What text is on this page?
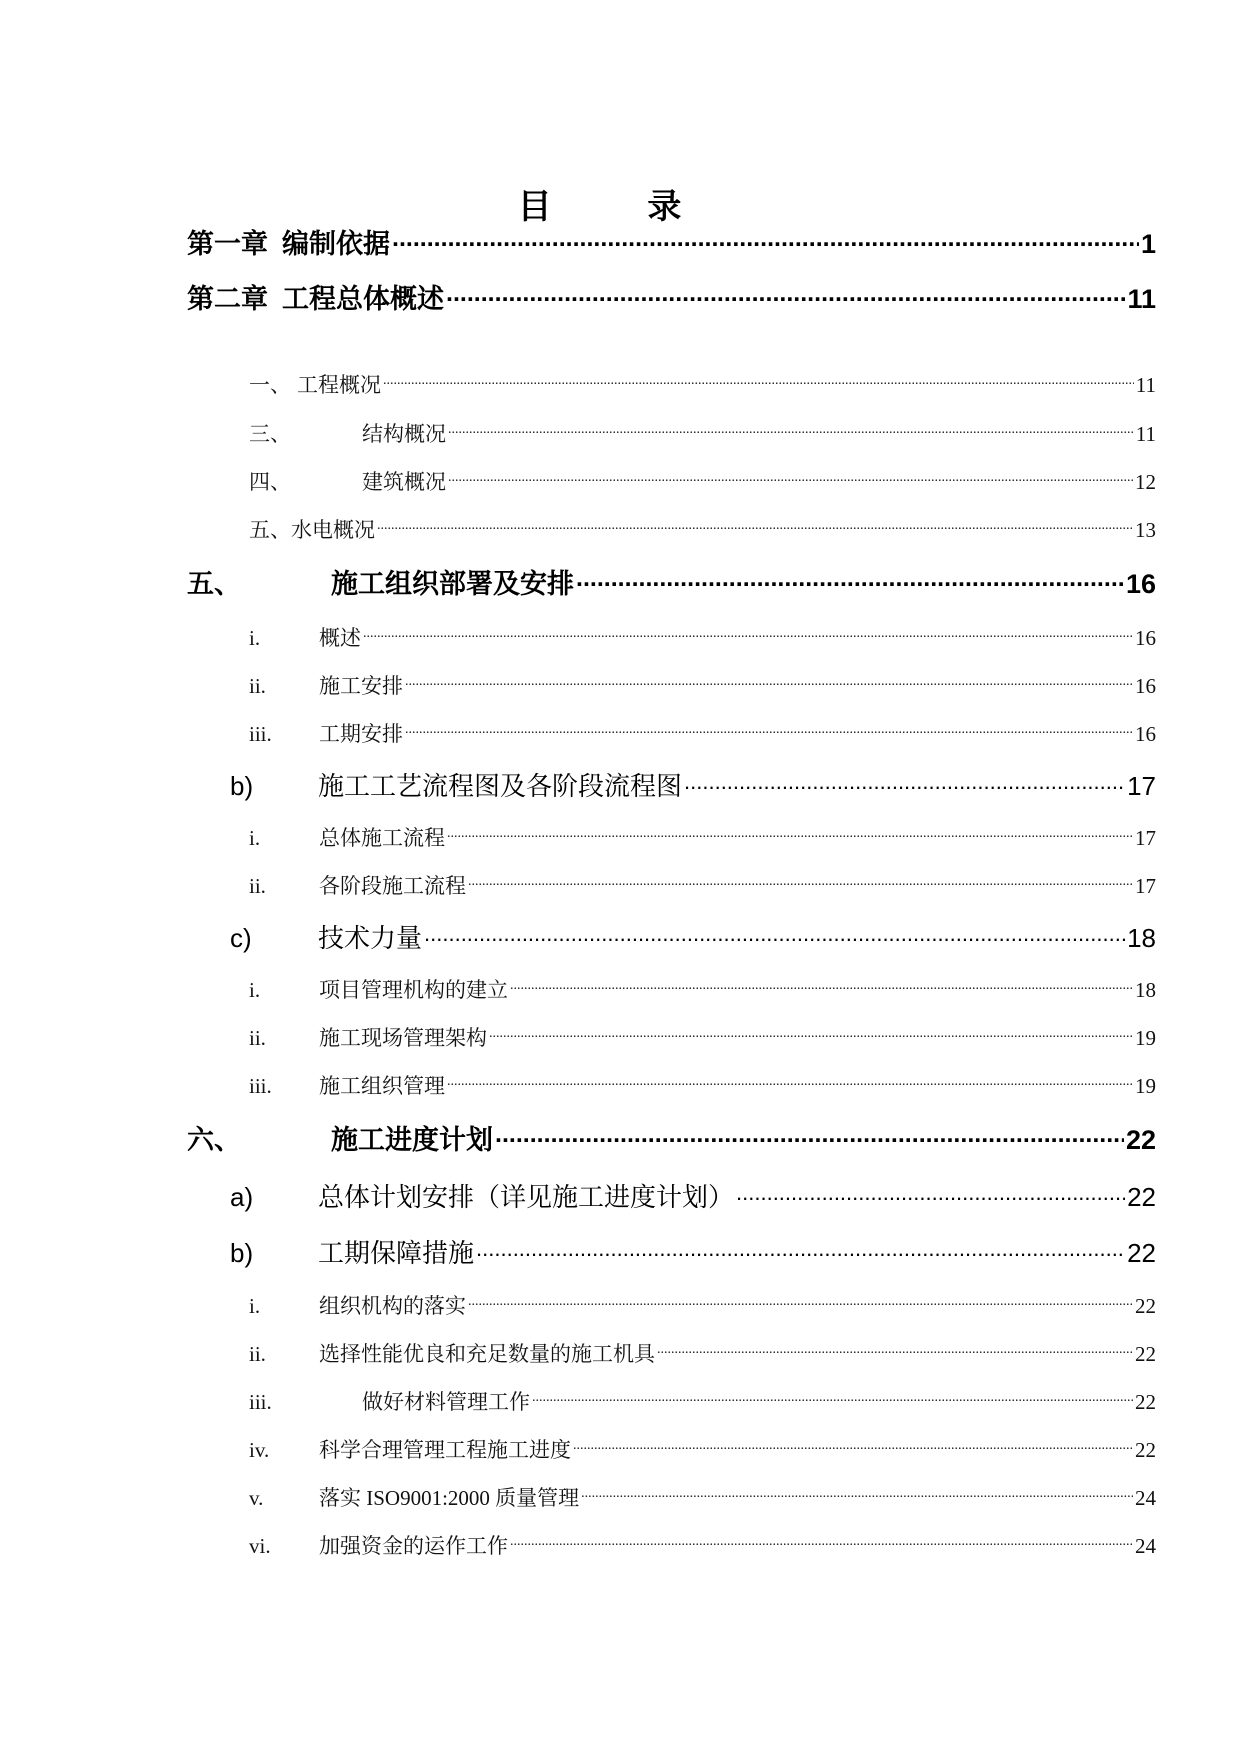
目 录
第一章 编制依据 .....	1
第二章 工程总体概述 .....	11
一、 工程概况 .....	11
三、	结构概况 .....	11
四、	建筑概况 .....	12
五、 水电概况 .....	13
五、	施工组织部署及安排 .....	16
i.	概述 .....	16
ii.	施工安排 .....	16
iii.	工期安排 .....	16
b)	施工工艺流程图及各阶段流程图 .....	17
i.	总体施工流程 .....	17
ii.	各阶段施工流程 .....	17
c)	技术力量 .....	18
i.	项目管理机构的建立 .....	18
ii.	施工现场管理架构 .....	19
iii.	施工组织管理 .....	19
六、	施工进度计划 .....	22
a)	总体计划安排（详见施工进度计划） .....	22
b)	工期保障措施 .....	22
i.	组织机构的落实 .....	22
ii.	选择性能优良和充足数量的施工机具 .....	22
iii.	做好材料管理工作 .....	22
iv.	科学合理管理工程施工进度 .....	22
v.	落实 ISO9001:2000 质量管理 .....	24
vi.	加强资金的运作工作 .....	24
